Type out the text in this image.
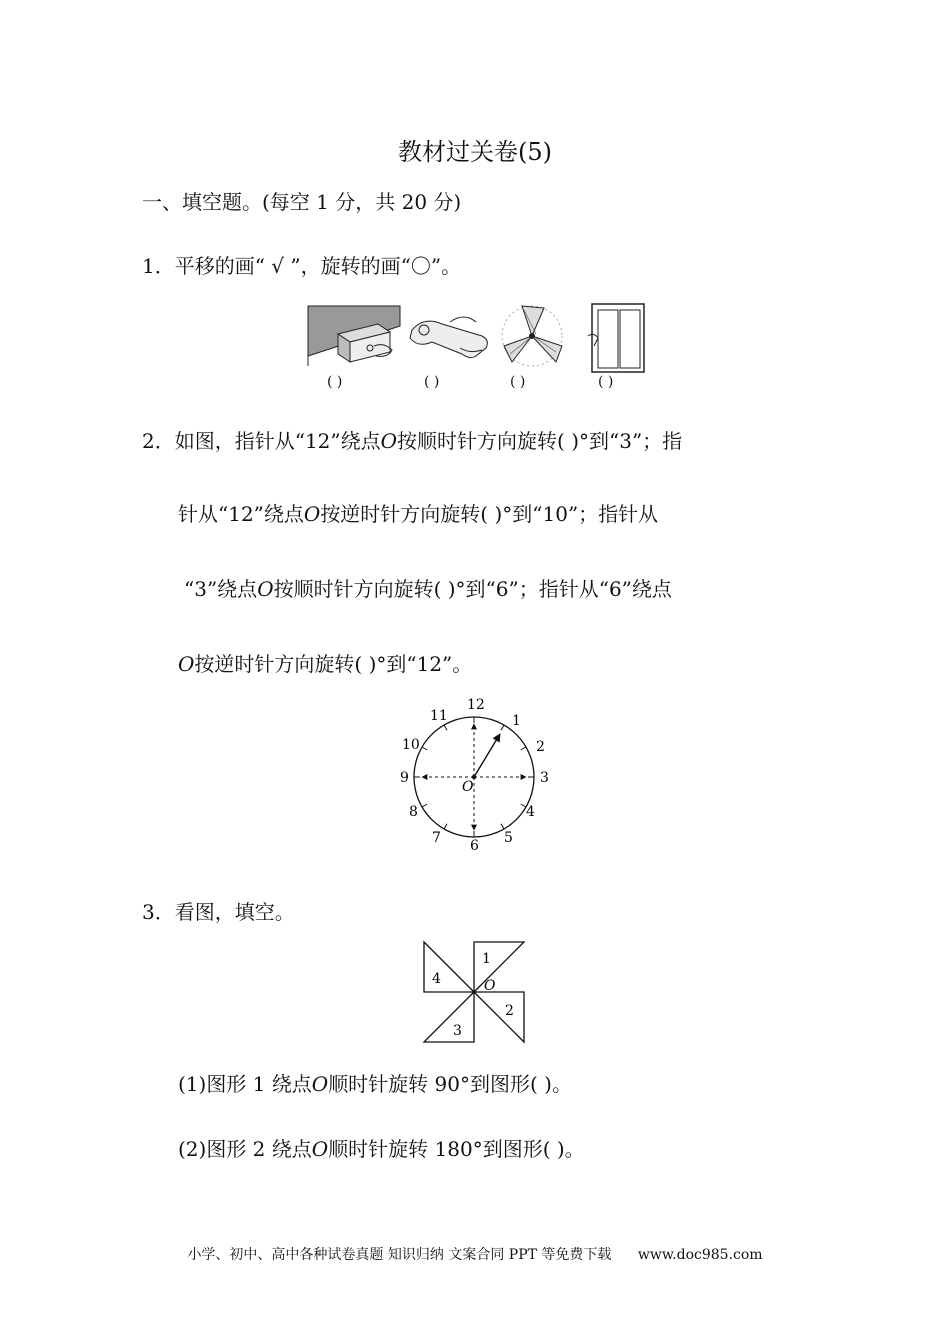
教材过关卷(5)
一、填空题。(每空 1 分，共 20 分)
1．平移的画“ √ ”，旋转的画“〇”。
( )	( )	( )	( )
2．如图，指针从“12”绕点O按顺时针方向旋转( )°到“3”；指
针从“12”绕点O按逆时针方向旋转( )°到“10”；指针从
“3”绕点O按顺时针方向旋转( )°到“6”；指针从“6”绕点
O按逆时针方向旋转( )°到“12”。
O
12
1
2
3
4
5
6
7
8
9
10
11
3．看图，填空。
1
2
3
4	O
(1)图形 1 绕点O顺时针旋转 90°到图形( )。
(2)图形 2 绕点O顺时针旋转 180°到图形( )。
小学、初中、高中各种试卷真题 知识归纳 文案合同 PPT 等免费下载 www.doc985.com
